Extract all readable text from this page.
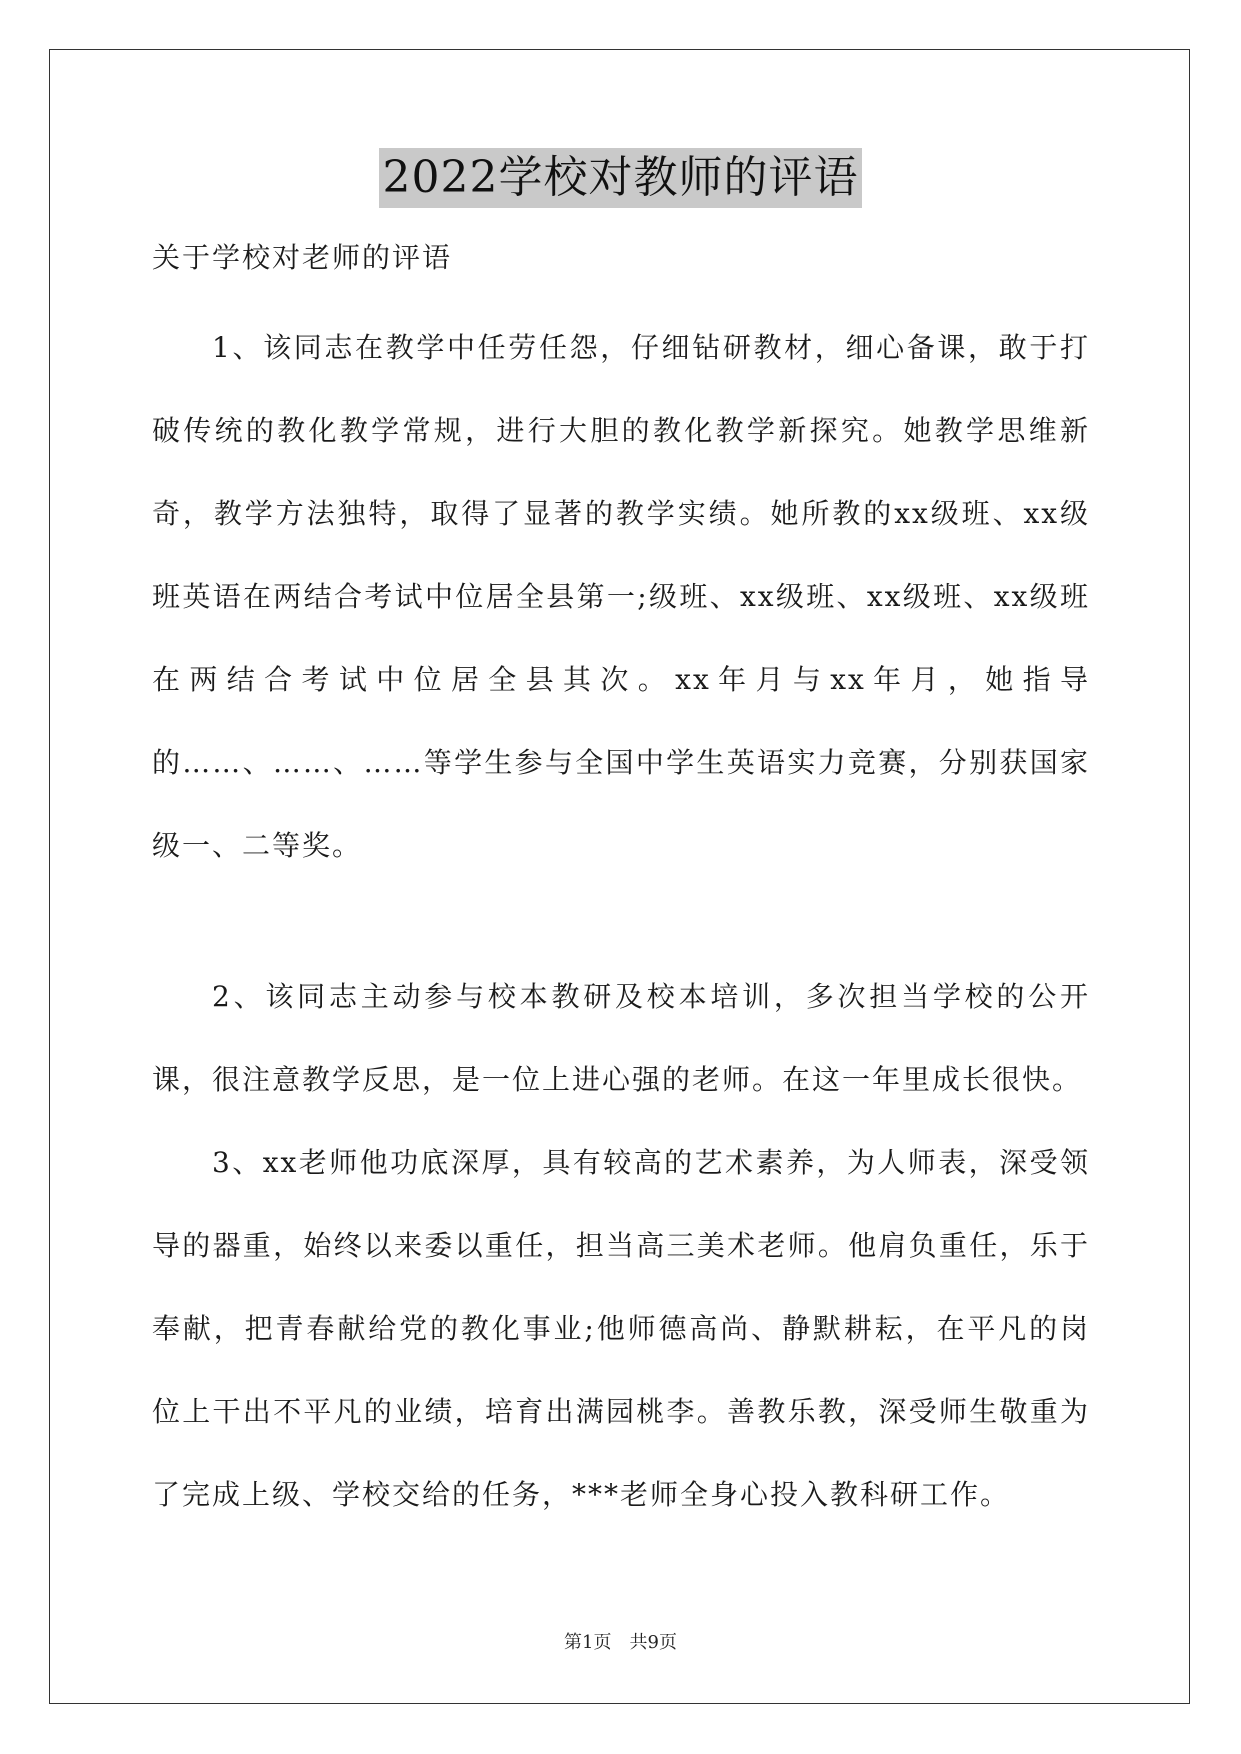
2022学校对教师的评语
关于学校对老师的评语

1、该同志在教学中任劳任怨，仔细钻研教材，细心备课，敢于打破传统的教化教学常规，进行大胆的教化教学新探究。她教学思维新奇，教学方法独特，取得了显著的教学实绩。她所教的xx级班、xx级班英语在两结合考试中位居全县第一;级班、xx级班、xx级班、xx级班在两结合考试中位居全县其次。xx年月与xx年月，她指导的……、……、……等学生参与全国中学生英语实力竞赛，分别获国家级一、二等奖。

2、该同志主动参与校本教研及校本培训，多次担当学校的公开课，很注意教学反思，是一位上进心强的老师。在这一年里成长很快。

3、xx老师他功底深厚，具有较高的艺术素养，为人师表，深受领导的器重，始终以来委以重任，担当高三美术老师。他肩负重任，乐于奉献，把青春献给党的教化事业;他师德高尚、静默耕耘，在平凡的岗位上干出不平凡的业绩，培育出满园桃李。善教乐教，深受师生敬重为了完成上级、学校交给的任务，***老师全身心投入教科研工作。

第1页　共9页
